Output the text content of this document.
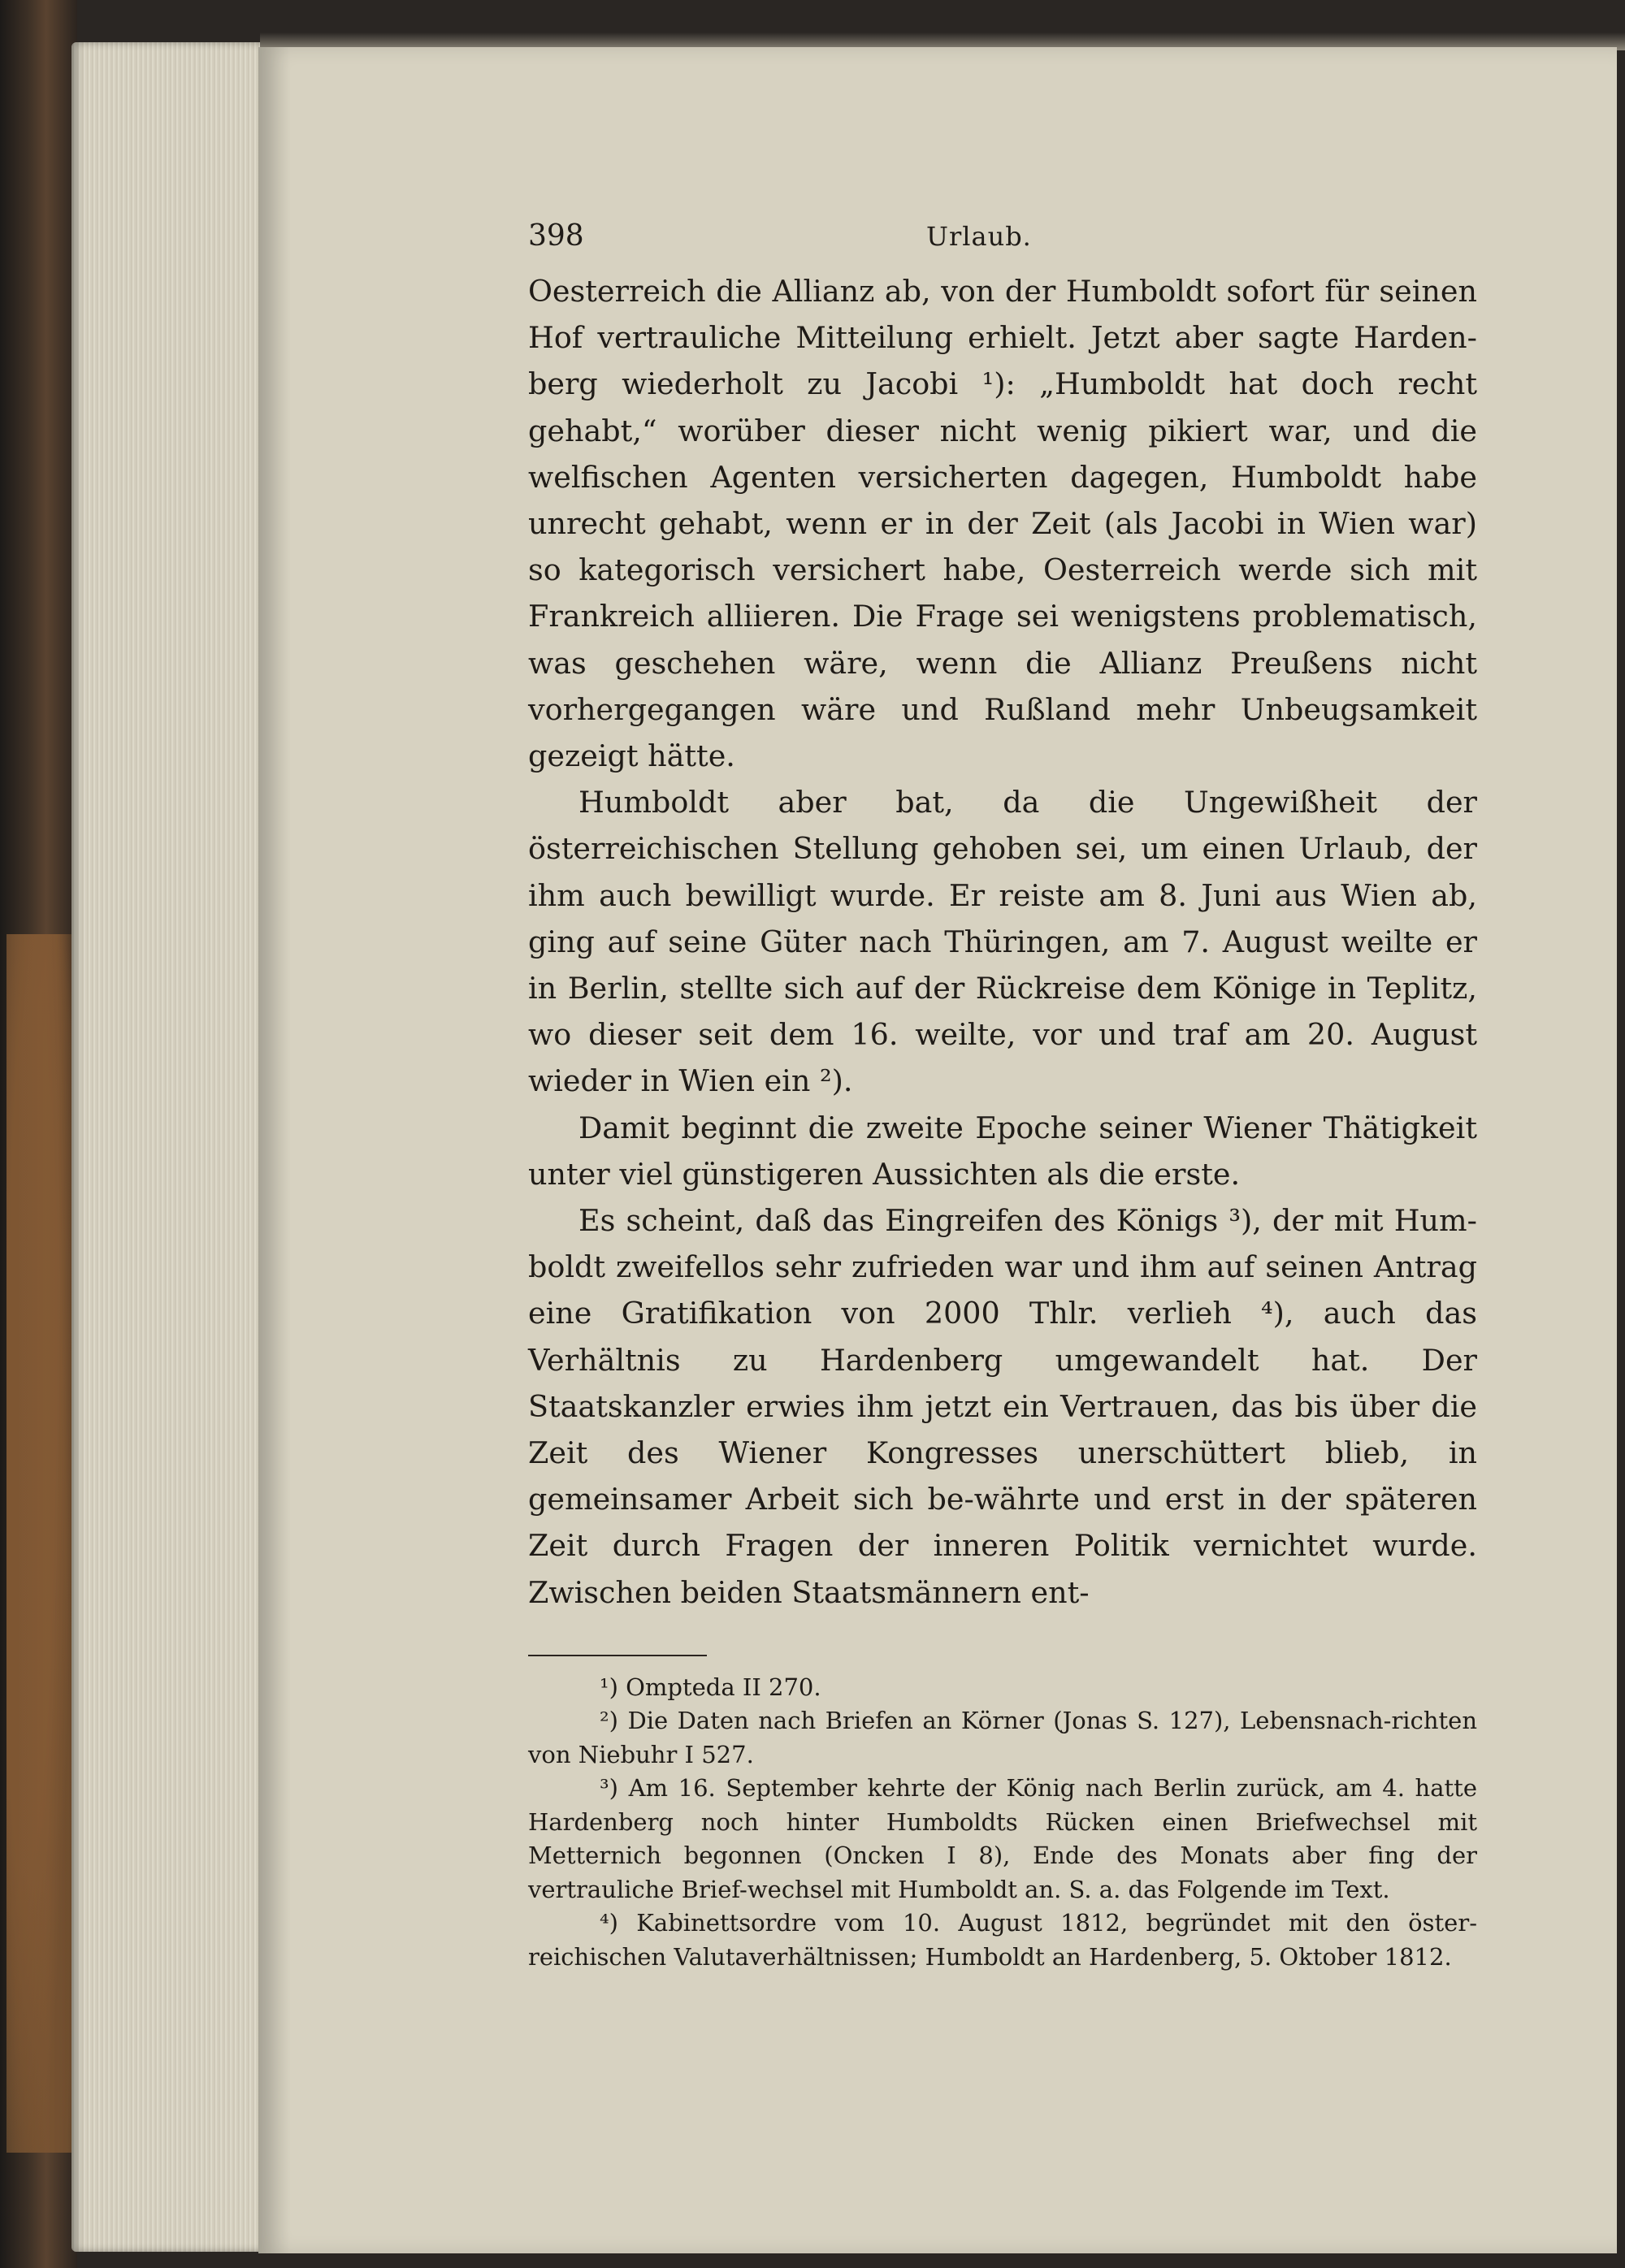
398	Urlaub.

Oesterreich die Allianz ab, von der Humboldt sofort für seinen Hof vertrauliche Mitteilung erhielt. Jetzt aber sagte Harden-berg wiederholt zu Jacobi ¹): „Humboldt hat doch recht gehabt,“ worüber dieser nicht wenig pikiert war, und die welfischen Agenten versicherten dagegen, Humboldt habe unrecht gehabt, wenn er in der Zeit (als Jacobi in Wien war) so kategorisch versichert habe, Oesterreich werde sich mit Frankreich alliieren. Die Frage sei wenigstens problematisch, was geschehen wäre, wenn die Allianz Preußens nicht vorhergegangen wäre und Rußland mehr Unbeugsamkeit gezeigt hätte.

Humboldt aber bat, da die Ungewißheit der österreichischen Stellung gehoben sei, um einen Urlaub, der ihm auch bewilligt wurde. Er reiste am 8. Juni aus Wien ab, ging auf seine Güter nach Thüringen, am 7. August weilte er in Berlin, stellte sich auf der Rückreise dem Könige in Teplitz, wo dieser seit dem 16. weilte, vor und traf am 20. August wieder in Wien ein ²).

Damit beginnt die zweite Epoche seiner Wiener Thätigkeit unter viel günstigeren Aussichten als die erste.

Es scheint, daß das Eingreifen des Königs ³), der mit Hum-boldt zweifellos sehr zufrieden war und ihm auf seinen Antrag eine Gratifikation von 2000 Thlr. verlieh ⁴), auch das Verhältnis zu Hardenberg umgewandelt hat. Der Staatskanzler erwies ihm jetzt ein Vertrauen, das bis über die Zeit des Wiener Kongresses unerschüttert blieb, in gemeinsamer Arbeit sich be-währte und erst in der späteren Zeit durch Fragen der inneren Politik vernichtet wurde. Zwischen beiden Staatsmännern ent-

¹) Ompteda II 270.

²) Die Daten nach Briefen an Körner (Jonas S. 127), Lebensnach-richten von Niebuhr I 527.

³) Am 16. September kehrte der König nach Berlin zurück, am 4. hatte Hardenberg noch hinter Humboldts Rücken einen Briefwechsel mit Metternich begonnen (Oncken I 8), Ende des Monats aber fing der vertrauliche Brief-wechsel mit Humboldt an. S. a. das Folgende im Text.

⁴) Kabinettsordre vom 10. August 1812, begründet mit den öster-reichischen Valutaverhältnissen; Humboldt an Hardenberg, 5. Oktober 1812.
